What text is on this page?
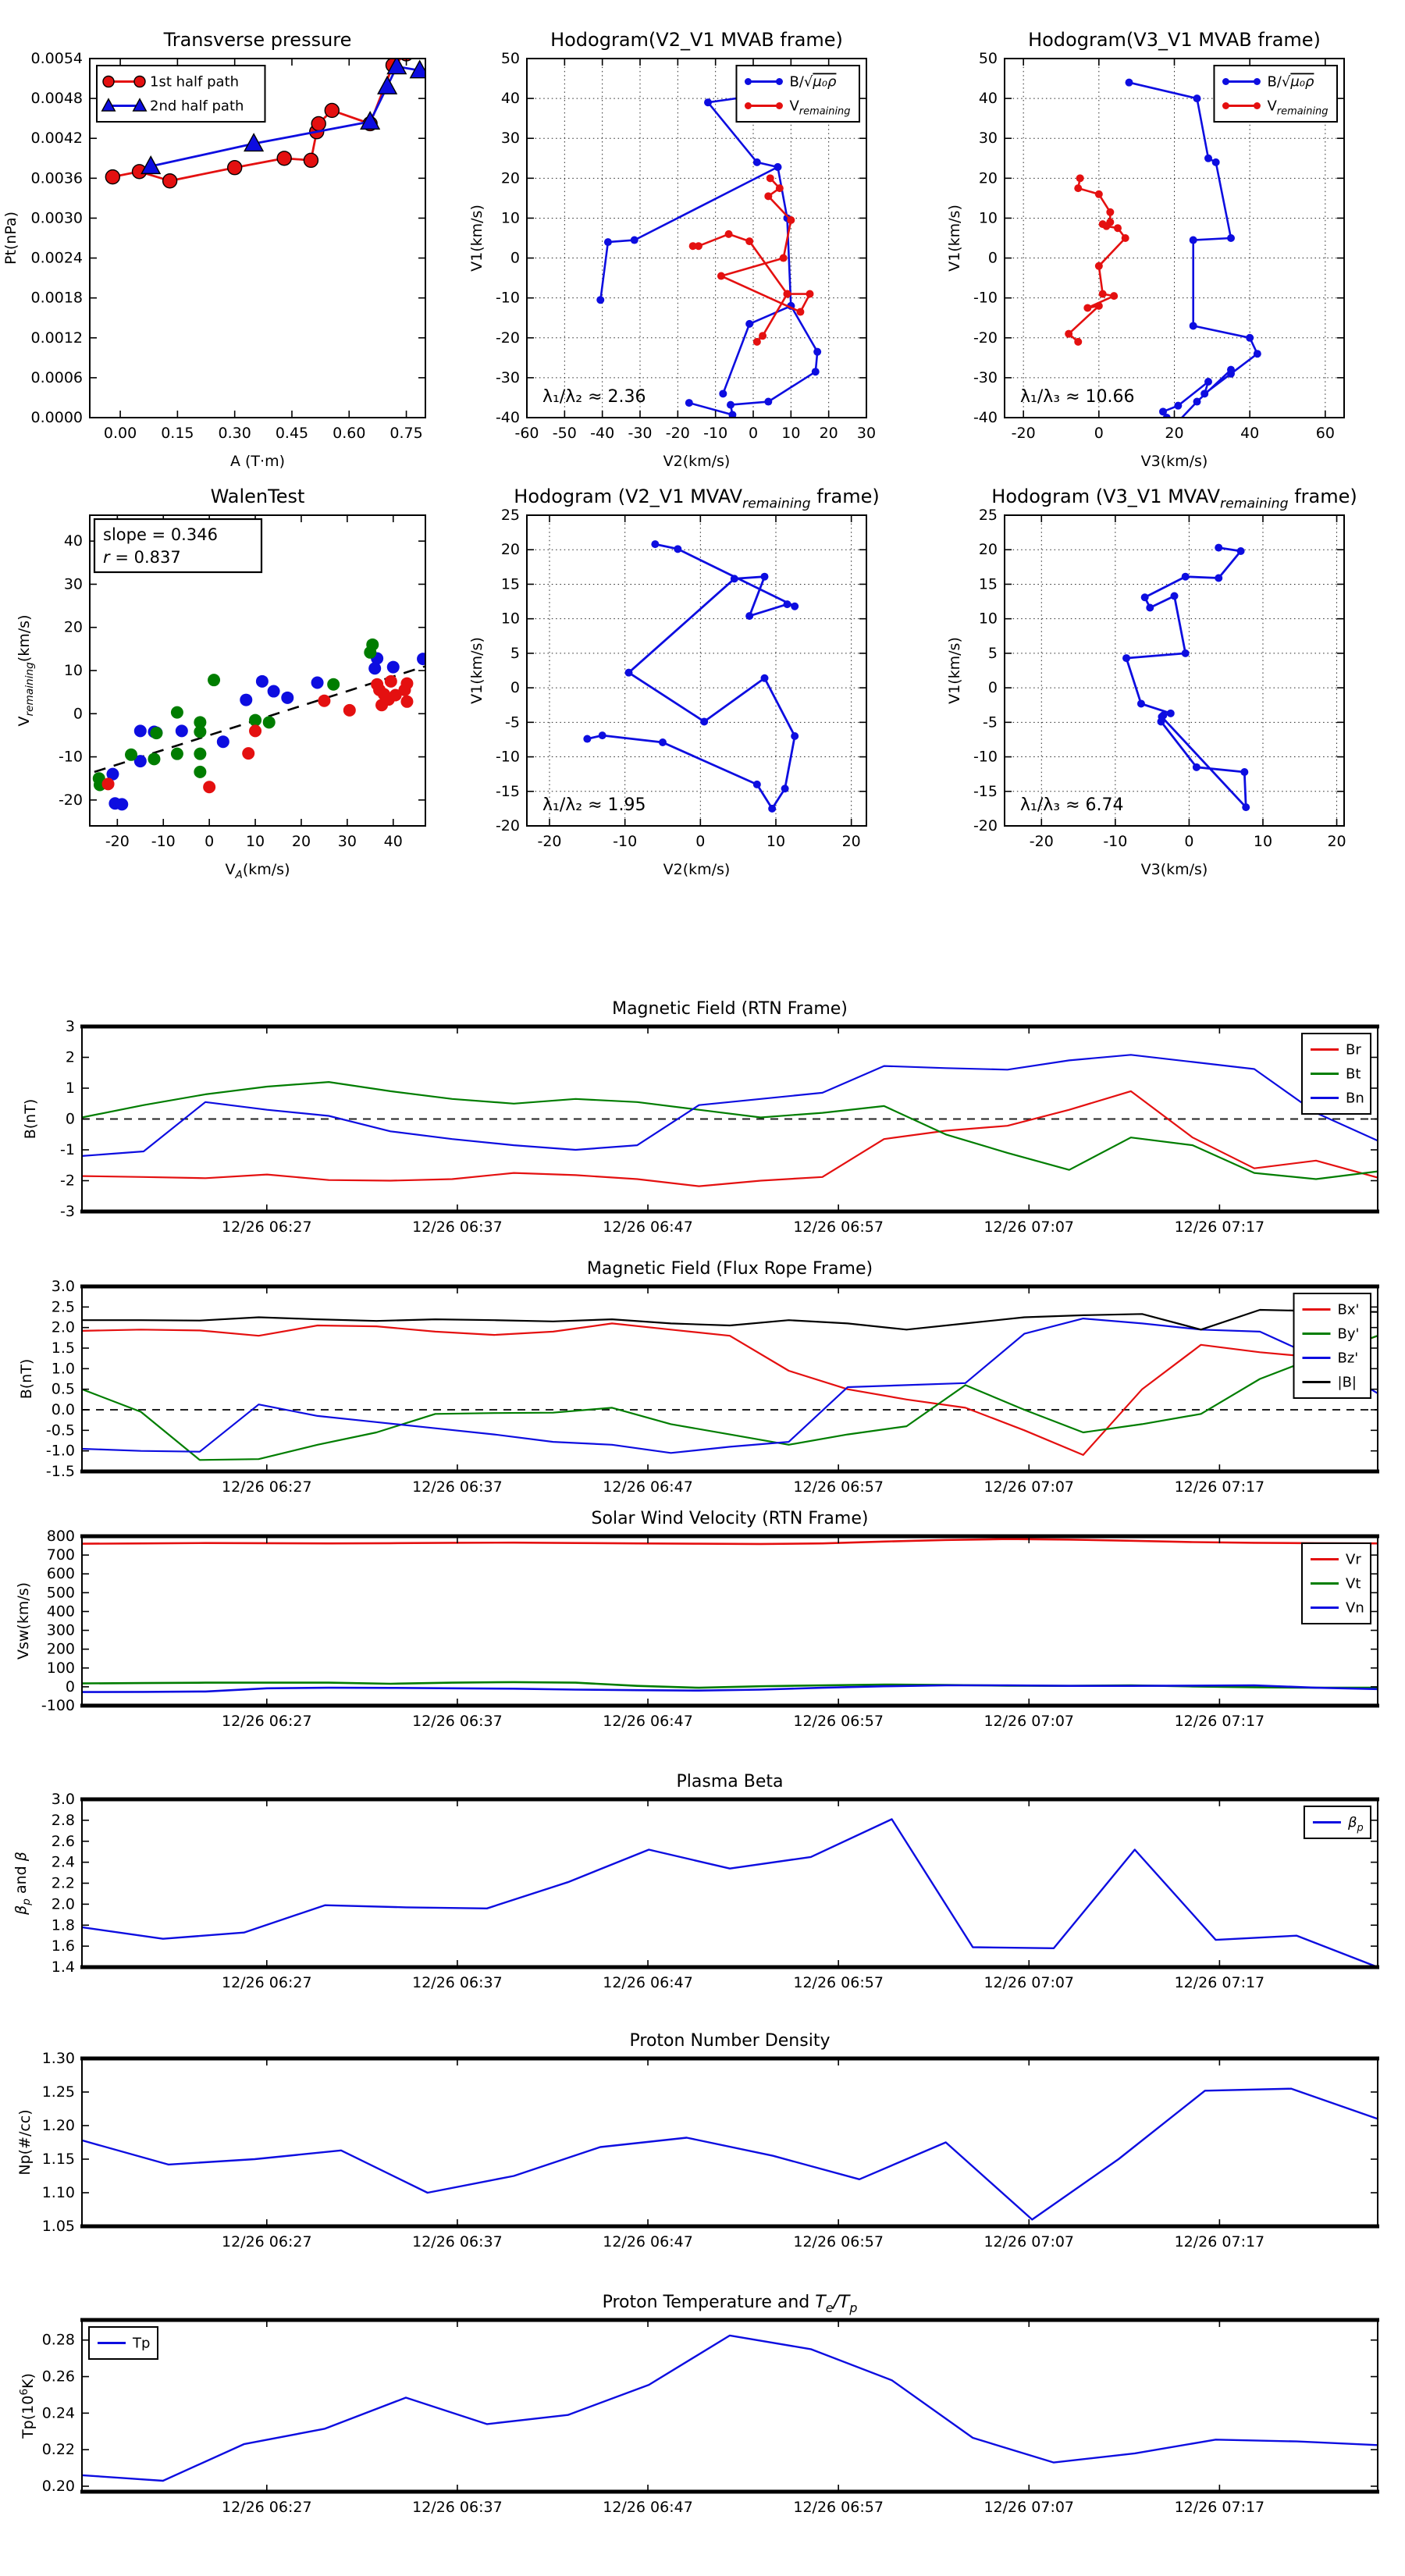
0.00 0.15 0.30 0.45 0.60 0.75
0.0000
0.0006
0.0012
0.0018
0.0024
0.0030
0.0036
0.0042
0.0048
0.0054
Transverse pressure
A (T·m)
Pt(nPa)
1st half path
2nd half path
-60 -50 -40 -30 -20 -10 0 10 20 30
-40
-30
-20
-10
0
10
20
30
40
50
Hodogram(V2_V1 MVAB frame)
V2(km/s)
V1(km/s)
B/√μ₀ρ
$V_{remaining}$
λ₁/λ₂ ≈ 2.36
-20	0	20	40	60
-40
-30
-20
-10
0
10
20
30
40
50
Hodogram(V3_V1 MVAB frame)
V3(km/s)
V1(km/s)
B/√μ₀ρ
$V_{remaining}$
λ₁/λ₃ ≈ 10.66
-20 -10 0 10 20 30 40
-20
-10
0
10
20
30
40
WalenTest
$V_A(km/s)$
$V_{remaining}(km/s)$
slope = 0.346
r = 0.837
-20	-10	0	10	20
-20
-15
-10
-5
0
5
10
15
20
25
Hodogram (V2_V1 $MVAV_{remaining}$ frame)
V2(km/s)
V1(km/s)
λ₁/λ₂ ≈ 1.95
-20	-10	0	10	20
-20
-15
-10
-5
0
5
10
15
20
25
Hodogram (V3_V1 $MVAV_{remaining}$ frame)
V3(km/s)
V1(km/s)
λ₁/λ₃ ≈ 6.74
12/26 06:27	12/26 06:37	12/26 06:47	12/26 06:57	12/26 07:07	12/26 07:17
-3
-2
-1
0
1
2
3
Magnetic Field (RTN Frame)
B(nT)
Br
Bt
Bn
12/26 06:27	12/26 06:37	12/26 06:47	12/26 06:57	12/26 07:07	12/26 07:17
-1.5
-1.0
-0.5
0.0
0.5
1.0
1.5
2.0
2.5
3.0
Magnetic Field (Flux Rope Frame)
B(nT)
Bx'
By'
Bz'
|B|
12/26 06:27	12/26 06:37	12/26 06:47	12/26 06:57	12/26 07:07	12/26 07:17
-100
0
100
200
300
400
500
600
700
800
Solar Wind Velocity (RTN Frame)
Vsw(km/s)
Vr
Vt
Vn
12/26 06:27	12/26 06:37	12/26 06:47	12/26 06:57	12/26 07:07	12/26 07:17
1.4
1.6
1.8
2.0
2.2
2.4
2.6
2.8
3.0
Plasma Beta
$\beta_p$ and β
$\beta_p$
12/26 06:27	12/26 06:37	12/26 06:47	12/26 06:57	12/26 07:07	12/26 07:17
1.05
1.10
1.15
1.20
1.25
1.30
Proton Number Density
Np(#/cc)
12/26 06:27	12/26 06:37	12/26 06:47	12/26 06:57	12/26 07:07	12/26 07:17
0.20
0.22
0.24
0.26
0.28
Proton Temperature and $T_e/T_p$
$Tp(10^6K)$
Tp
